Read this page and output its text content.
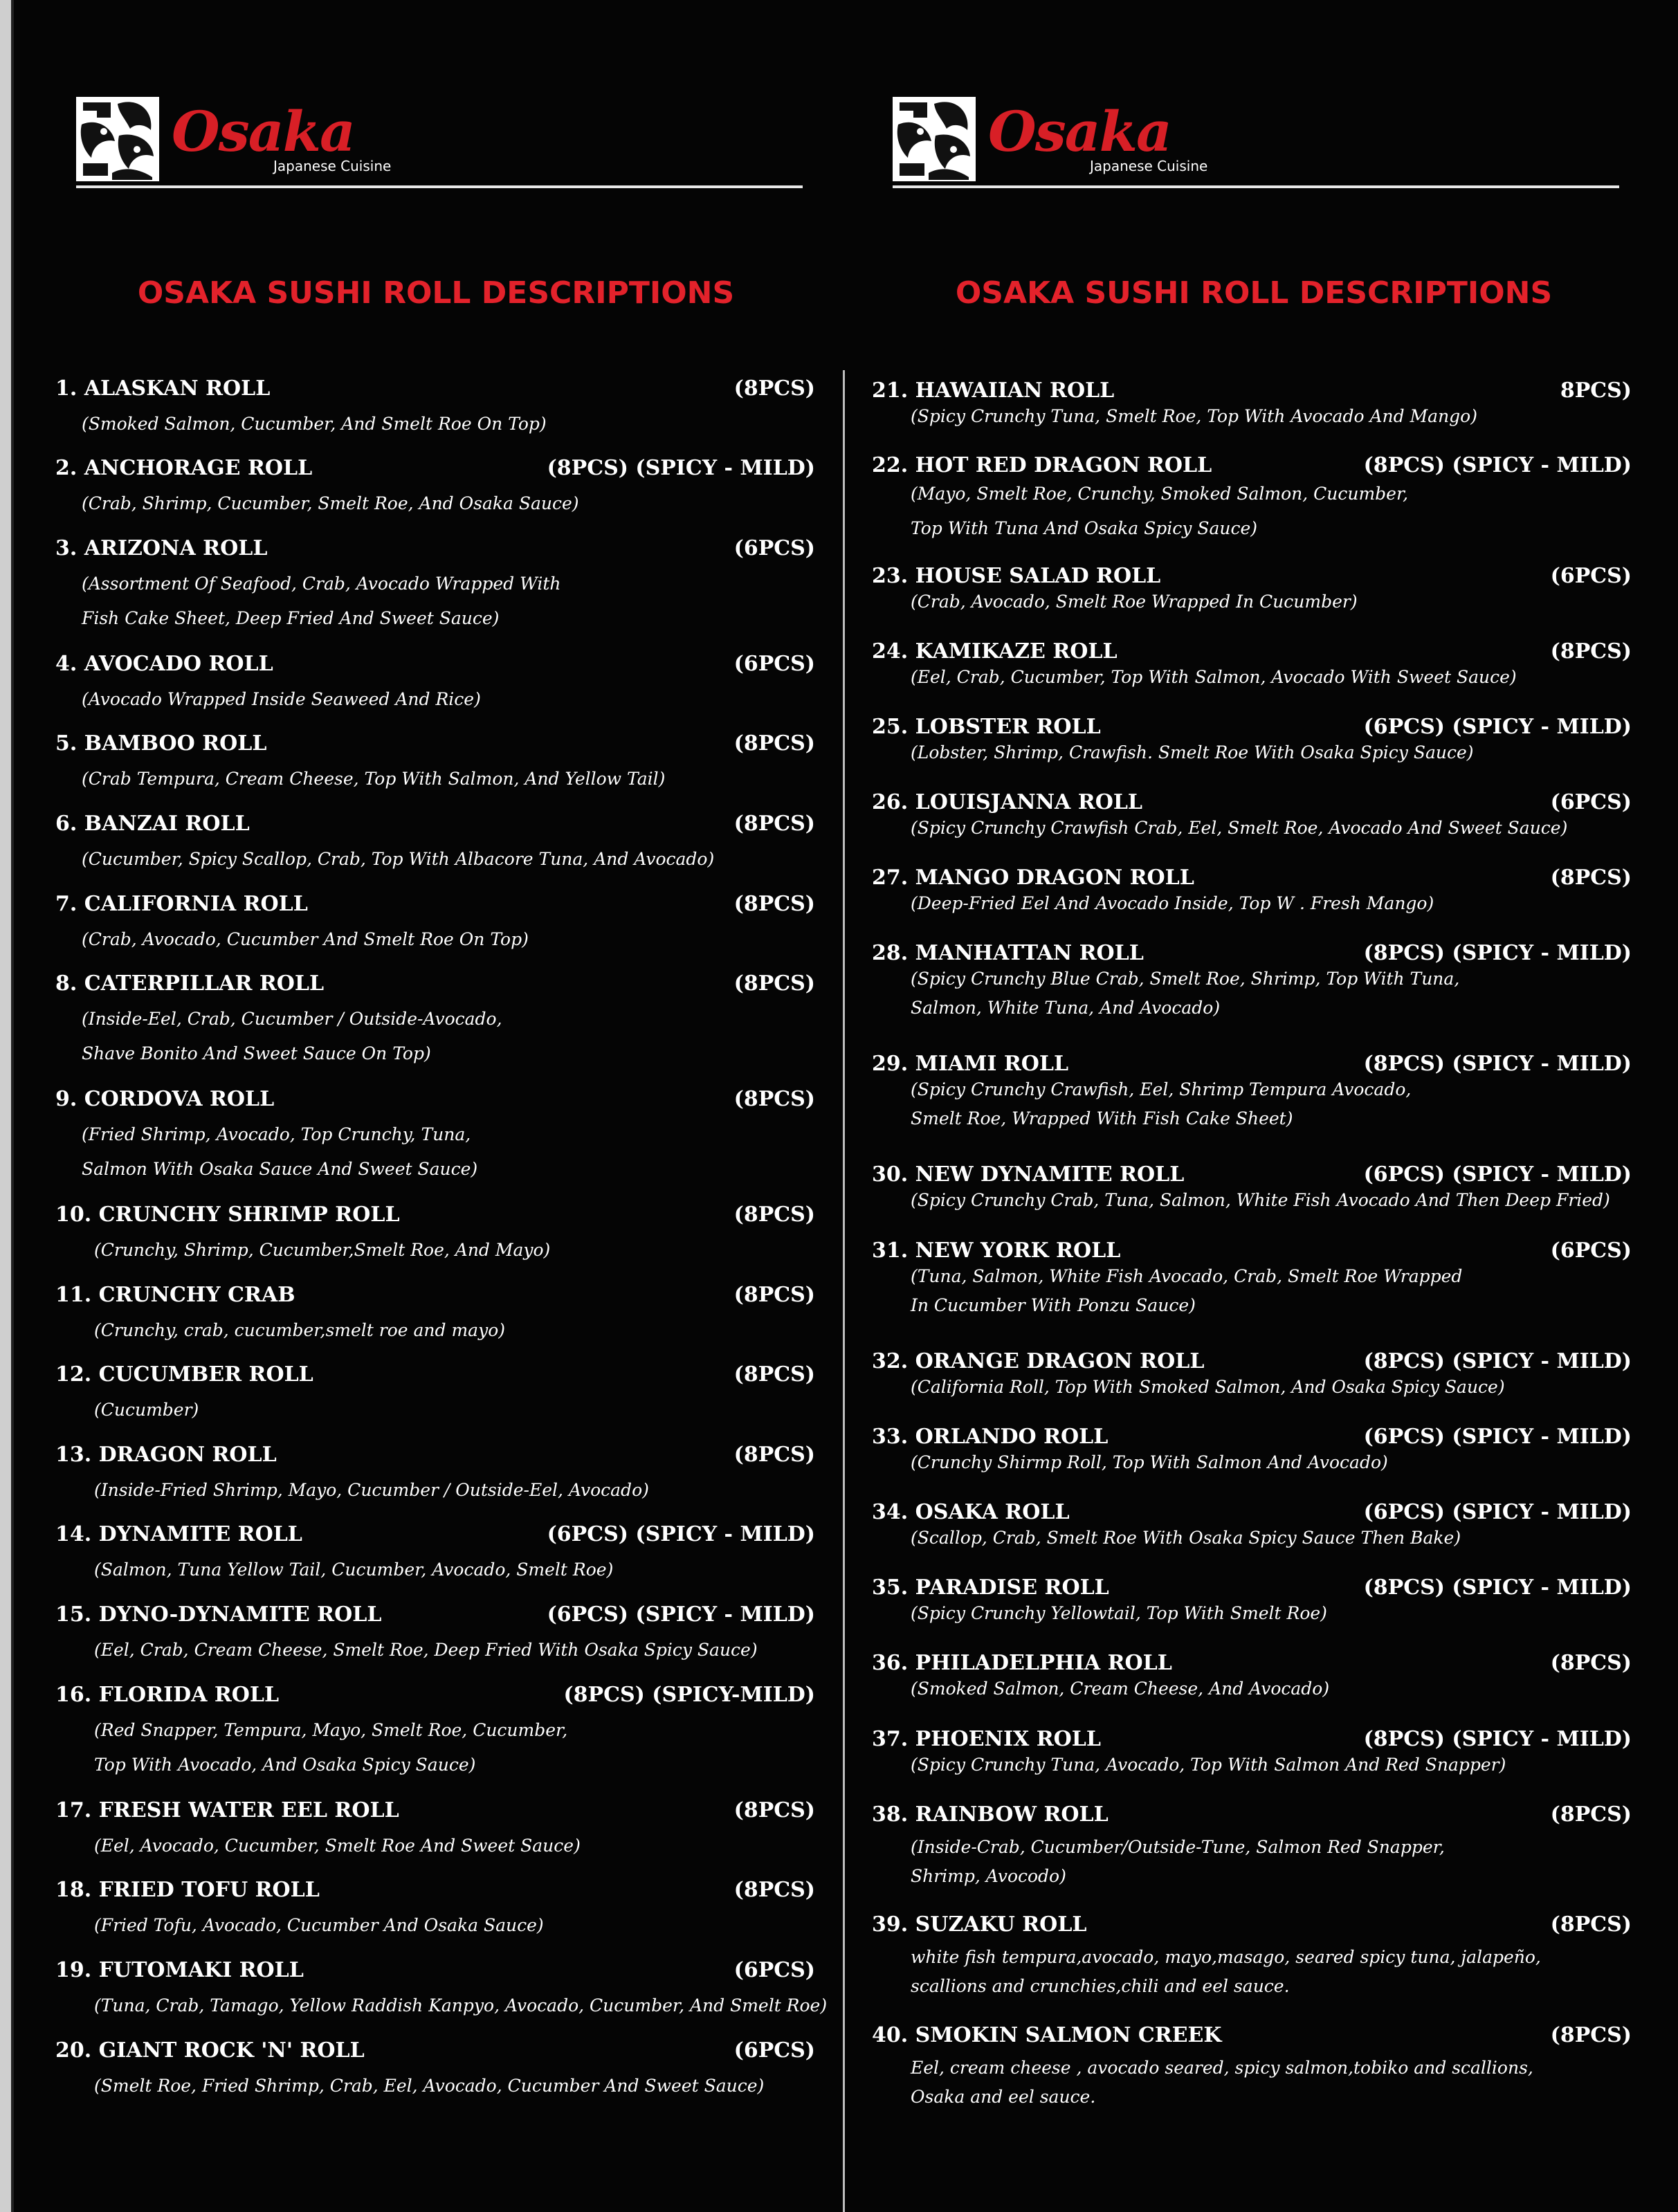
Osaka
Japanese Cuisine
Osaka
Japanese Cuisine
OSAKA SUSHI ROLL DESCRIPTIONS	OSAKA SUSHI ROLL DESCRIPTIONS
1. ALASKAN ROLL	(8PCS)
(Smoked Salmon, Cucumber, And Smelt Roe On Top)
2. ANCHORAGE ROLL	(8PCS) (SPICY - MILD)
(Crab, Shrimp, Cucumber, Smelt Roe, And Osaka Sauce)
3. ARIZONA ROLL	(6PCS)
(Assortment Of Seafood, Crab, Avocado Wrapped With
Fish Cake Sheet, Deep Fried And Sweet Sauce)
4. AVOCADO ROLL	(6PCS)
(Avocado Wrapped Inside Seaweed And Rice)
5. BAMBOO ROLL	(8PCS)
(Crab Tempura, Cream Cheese, Top With Salmon, And Yellow Tail)
6. BANZAI ROLL	(8PCS)
(Cucumber, Spicy Scallop, Crab, Top With Albacore Tuna, And Avocado)
7. CALIFORNIA ROLL	(8PCS)
(Crab, Avocado, Cucumber And Smelt Roe On Top)
8. CATERPILLAR ROLL	(8PCS)
(Inside-Eel, Crab, Cucumber / Outside-Avocado,
Shave Bonito And Sweet Sauce On Top)
9. CORDOVA ROLL	(8PCS)
(Fried Shrimp, Avocado, Top Crunchy, Tuna,
Salmon With Osaka Sauce And Sweet Sauce)
10. CRUNCHY SHRIMP ROLL	(8PCS)
(Crunchy, Shrimp, Cucumber,Smelt Roe, And Mayo)
11. CRUNCHY CRAB	(8PCS)
(Crunchy, crab, cucumber,smelt roe and mayo)
12. CUCUMBER ROLL	(8PCS)
(Cucumber)
13. DRAGON ROLL	(8PCS)
(Inside-Fried Shrimp, Mayo, Cucumber / Outside-Eel, Avocado)
14. DYNAMITE ROLL	(6PCS) (SPICY - MILD)
(Salmon, Tuna Yellow Tail, Cucumber, Avocado, Smelt Roe)
15. DYNO-DYNAMITE ROLL	(6PCS) (SPICY - MILD)
(Eel, Crab, Cream Cheese, Smelt Roe, Deep Fried With Osaka Spicy Sauce)
16. FLORIDA ROLL	(8PCS) (SPICY-MILD)
(Red Snapper, Tempura, Mayo, Smelt Roe, Cucumber,
Top With Avocado, And Osaka Spicy Sauce)
17. FRESH WATER EEL ROLL	(8PCS)
(Eel, Avocado, Cucumber, Smelt Roe And Sweet Sauce)
18. FRIED TOFU ROLL	(8PCS)
(Fried Tofu, Avocado, Cucumber And Osaka Sauce)
19. FUTOMAKI ROLL	(6PCS)
(Tuna, Crab, Tamago, Yellow Raddish Kanpyo, Avocado, Cucumber, And Smelt Roe)
20. GIANT ROCK 'N' ROLL	(6PCS)
(Smelt Roe, Fried Shrimp, Crab, Eel, Avocado, Cucumber And Sweet Sauce)
21. HAWAIIAN ROLL	8PCS)
(Spicy Crunchy Tuna, Smelt Roe, Top With Avocado And Mango)
22. HOT RED DRAGON ROLL	(8PCS) (SPICY - MILD)
(Mayo, Smelt Roe, Crunchy, Smoked Salmon, Cucumber,
Top With Tuna And Osaka Spicy Sauce)
23. HOUSE SALAD ROLL	(6PCS)
(Crab, Avocado, Smelt Roe Wrapped In Cucumber)
24. KAMIKAZE ROLL	(8PCS)
(Eel, Crab, Cucumber, Top With Salmon, Avocado With Sweet Sauce)
25. LOBSTER ROLL	(6PCS) (SPICY - MILD)
(Lobster, Shrimp, Crawfish. Smelt Roe With Osaka Spicy Sauce)
26. LOUISJANNA ROLL	(6PCS)
(Spicy Crunchy Crawfish Crab, Eel, Smelt Roe, Avocado And Sweet Sauce)
27. MANGO DRAGON ROLL	(8PCS)
(Deep-Fried Eel And Avocado Inside, Top W . Fresh Mango)
28. MANHATTAN ROLL	(8PCS) (SPICY - MILD)
(Spicy Crunchy Blue Crab, Smelt Roe, Shrimp, Top With Tuna,
Salmon, White Tuna, And Avocado)
29. MIAMI ROLL	(8PCS) (SPICY - MILD)
(Spicy Crunchy Crawfish, Eel, Shrimp Tempura Avocado,
Smelt Roe, Wrapped With Fish Cake Sheet)
30. NEW DYNAMITE ROLL	(6PCS) (SPICY - MILD)
(Spicy Crunchy Crab, Tuna, Salmon, White Fish Avocado And Then Deep Fried)
31. NEW YORK ROLL	(6PCS)
(Tuna, Salmon, White Fish Avocado, Crab, Smelt Roe Wrapped
In Cucumber With Ponzu Sauce)
32. ORANGE DRAGON ROLL	(8PCS) (SPICY - MILD)
(California Roll, Top With Smoked Salmon, And Osaka Spicy Sauce)
33. ORLANDO ROLL	(6PCS) (SPICY - MILD)
(Crunchy Shirmp Roll, Top With Salmon And Avocado)
34. OSAKA ROLL	(6PCS) (SPICY - MILD)
(Scallop, Crab, Smelt Roe With Osaka Spicy Sauce Then Bake)
35. PARADISE ROLL	(8PCS) (SPICY - MILD)
(Spicy Crunchy Yellowtail, Top With Smelt Roe)
36. PHILADELPHIA ROLL	(8PCS)
(Smoked Salmon, Cream Cheese, And Avocado)
37. PHOENIX ROLL	(8PCS) (SPICY - MILD)
(Spicy Crunchy Tuna, Avocado, Top With Salmon And Red Snapper)
38. RAINBOW ROLL	(8PCS)
(Inside-Crab, Cucumber/Outside-Tune, Salmon Red Snapper,
Shrimp, Avocodo)
39. SUZAKU ROLL	(8PCS)
white fish tempura,avocado, mayo,masago, seared spicy tuna, jalapeño,
scallions and crunchies,chili and eel sauce.
40. SMOKIN SALMON CREEK	(8PCS)
Eel, cream cheese , avocado seared, spicy salmon,tobiko and scallions,
Osaka and eel sauce.
